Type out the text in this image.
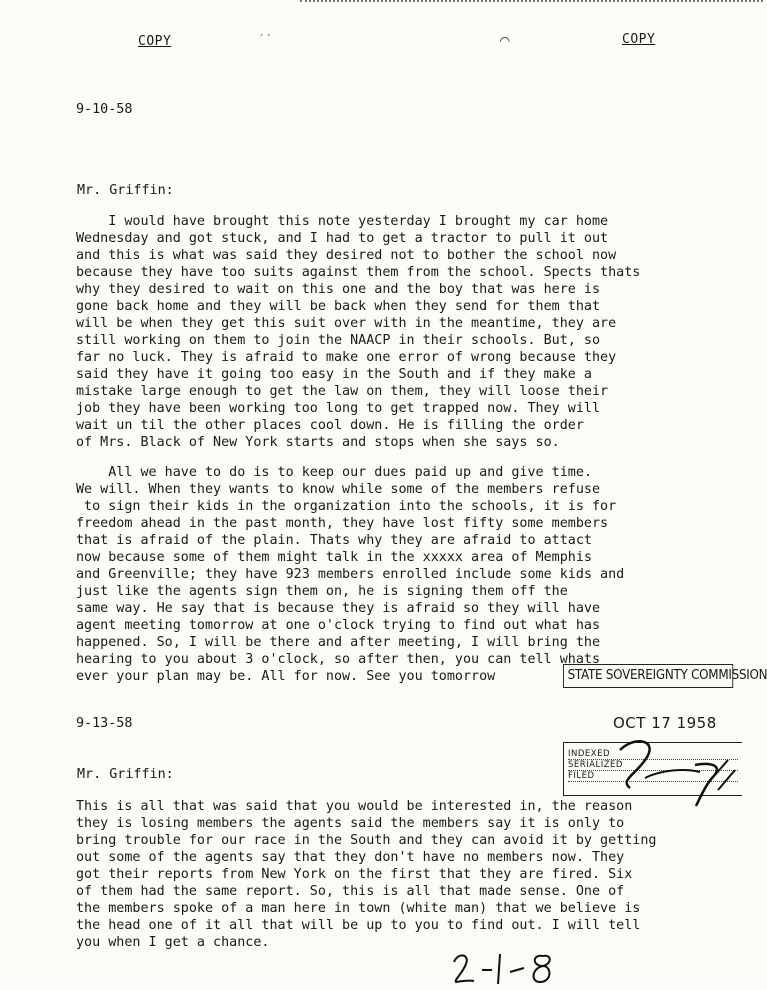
COPY	COPY
′′	⌒
9-10-58
Mr. Griffin:
I would have brought this note yesterday I brought my car home
Wednesday and got stuck, and I had to get a tractor to pull it out
and this is what was said they desired not to bother the school now
because they have too suits against them from the school. Spects thats
why they desired to wait on this one and the boy that was here is
gone back home and they will be back when they send for them that
will be when they get this suit over with in the meantime, they are
still working on them to join the NAACP in their schools. But, so
far no luck. They is afraid to make one error of wrong because they
said they have it going too easy in the South and if they make a
mistake large enough to get the law on them, they will loose their
job they have been working too long to get trapped now. They will
wait un til the other places cool down. He is filling the order
of Mrs. Black of New York starts and stops when she says so.
All we have to do is to keep our dues paid up and give time.
We will. When they wants to know while some of the members refuse
to sign their kids in the organization into the schools, it is for
freedom ahead in the past month, they have lost fifty some members
that is afraid of the plain. Thats why they are afraid to attact
now because some of them might talk in the xxxxx area of Memphis
and Greenville; they have 923 members enrolled include some kids and
just like the agents sign them on, he is signing them off the
same way. He say that is because they is afraid so they will have
agent meeting tomorrow at one o'clock trying to find out what has
happened. So, I will be there and after meeting, I will bring the
hearing to you about 3 o'clock, so after then, you can tell whats
ever your plan may be. All for now. See you tomorrow
9-13-58
Mr. Griffin:
This is all that was said that you would be interested in, the reason
they is losing members the agents said the members say it is only to
bring trouble for our race in the South and they can avoid it by getting
out some of the agents say that they don't have no members now. They
got their reports from New York on the first that they are fired. Six
of them had the same report. So, this is all that made sense. One of
the members spoke of a man here in town (white man) that we believe is
the head one of it all that will be up to you to find out. I will tell
you when I get a chance.
STATE SOVEREIGNTY COMMISSION
OCT 17 1958
INDEXED
SERIALIZED
FILED
